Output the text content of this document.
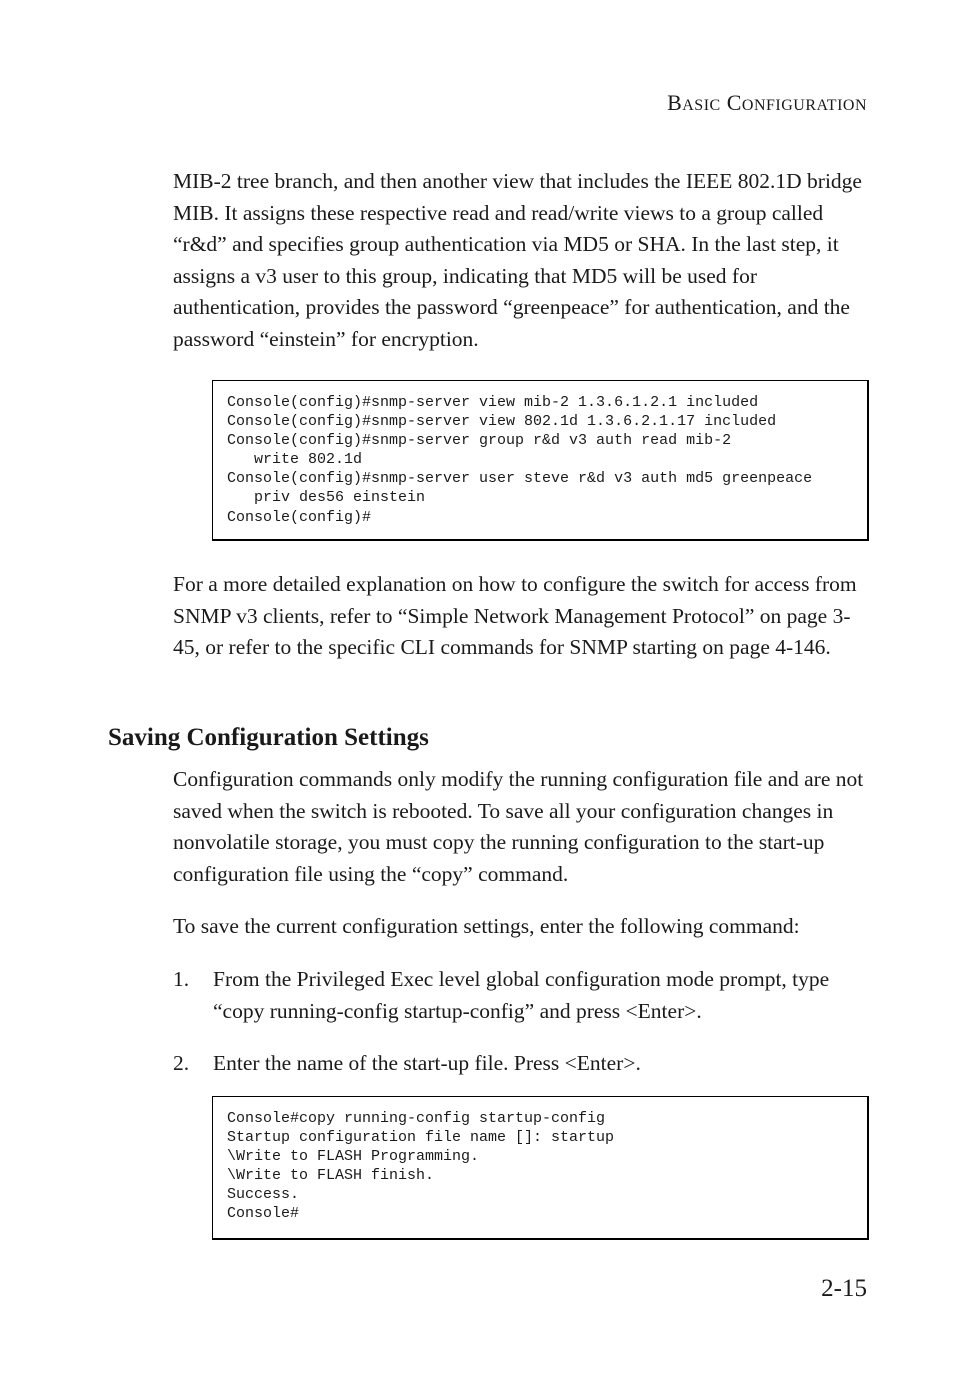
BASIC CONFIGURATION

MIB-2 tree branch, and then another view that includes the IEEE 802.1D bridge MIB. It assigns these respective read and read/write views to a group called “r&d” and specifies group authentication via MD5 or SHA. In the last step, it assigns a v3 user to this group, indicating that MD5 will be used for authentication, provides the password “greenpeace” for authentication, and the password “einstein” for encryption.

Console(config)#snmp-server view mib-2 1.3.6.1.2.1 included
Console(config)#snmp-server view 802.1d 1.3.6.2.1.17 included
Console(config)#snmp-server group r&d v3 auth read mib-2
write 802.1d
Console(config)#snmp-server user steve r&d v3 auth md5 greenpeace
priv des56 einstein
Console(config)#

For a more detailed explanation on how to configure the switch for access from SNMP v3 clients, refer to “Simple Network Management Protocol” on page 3-45, or refer to the specific CLI commands for SNMP starting on page 4-146.

Saving Configuration Settings

Configuration commands only modify the running configuration file and are not saved when the switch is rebooted. To save all your configuration changes in nonvolatile storage, you must copy the running configuration to the start-up configuration file using the “copy” command.

To save the current configuration settings, enter the following command:

1. From the Privileged Exec level global configuration mode prompt, type “copy running-config startup-config” and press <Enter>.
2. Enter the name of the start-up file. Press <Enter>.
Console#copy running-config startup-config
Startup configuration file name []: startup
\Write to FLASH Programming.
\Write to FLASH finish.
Success.
Console#
2-15
